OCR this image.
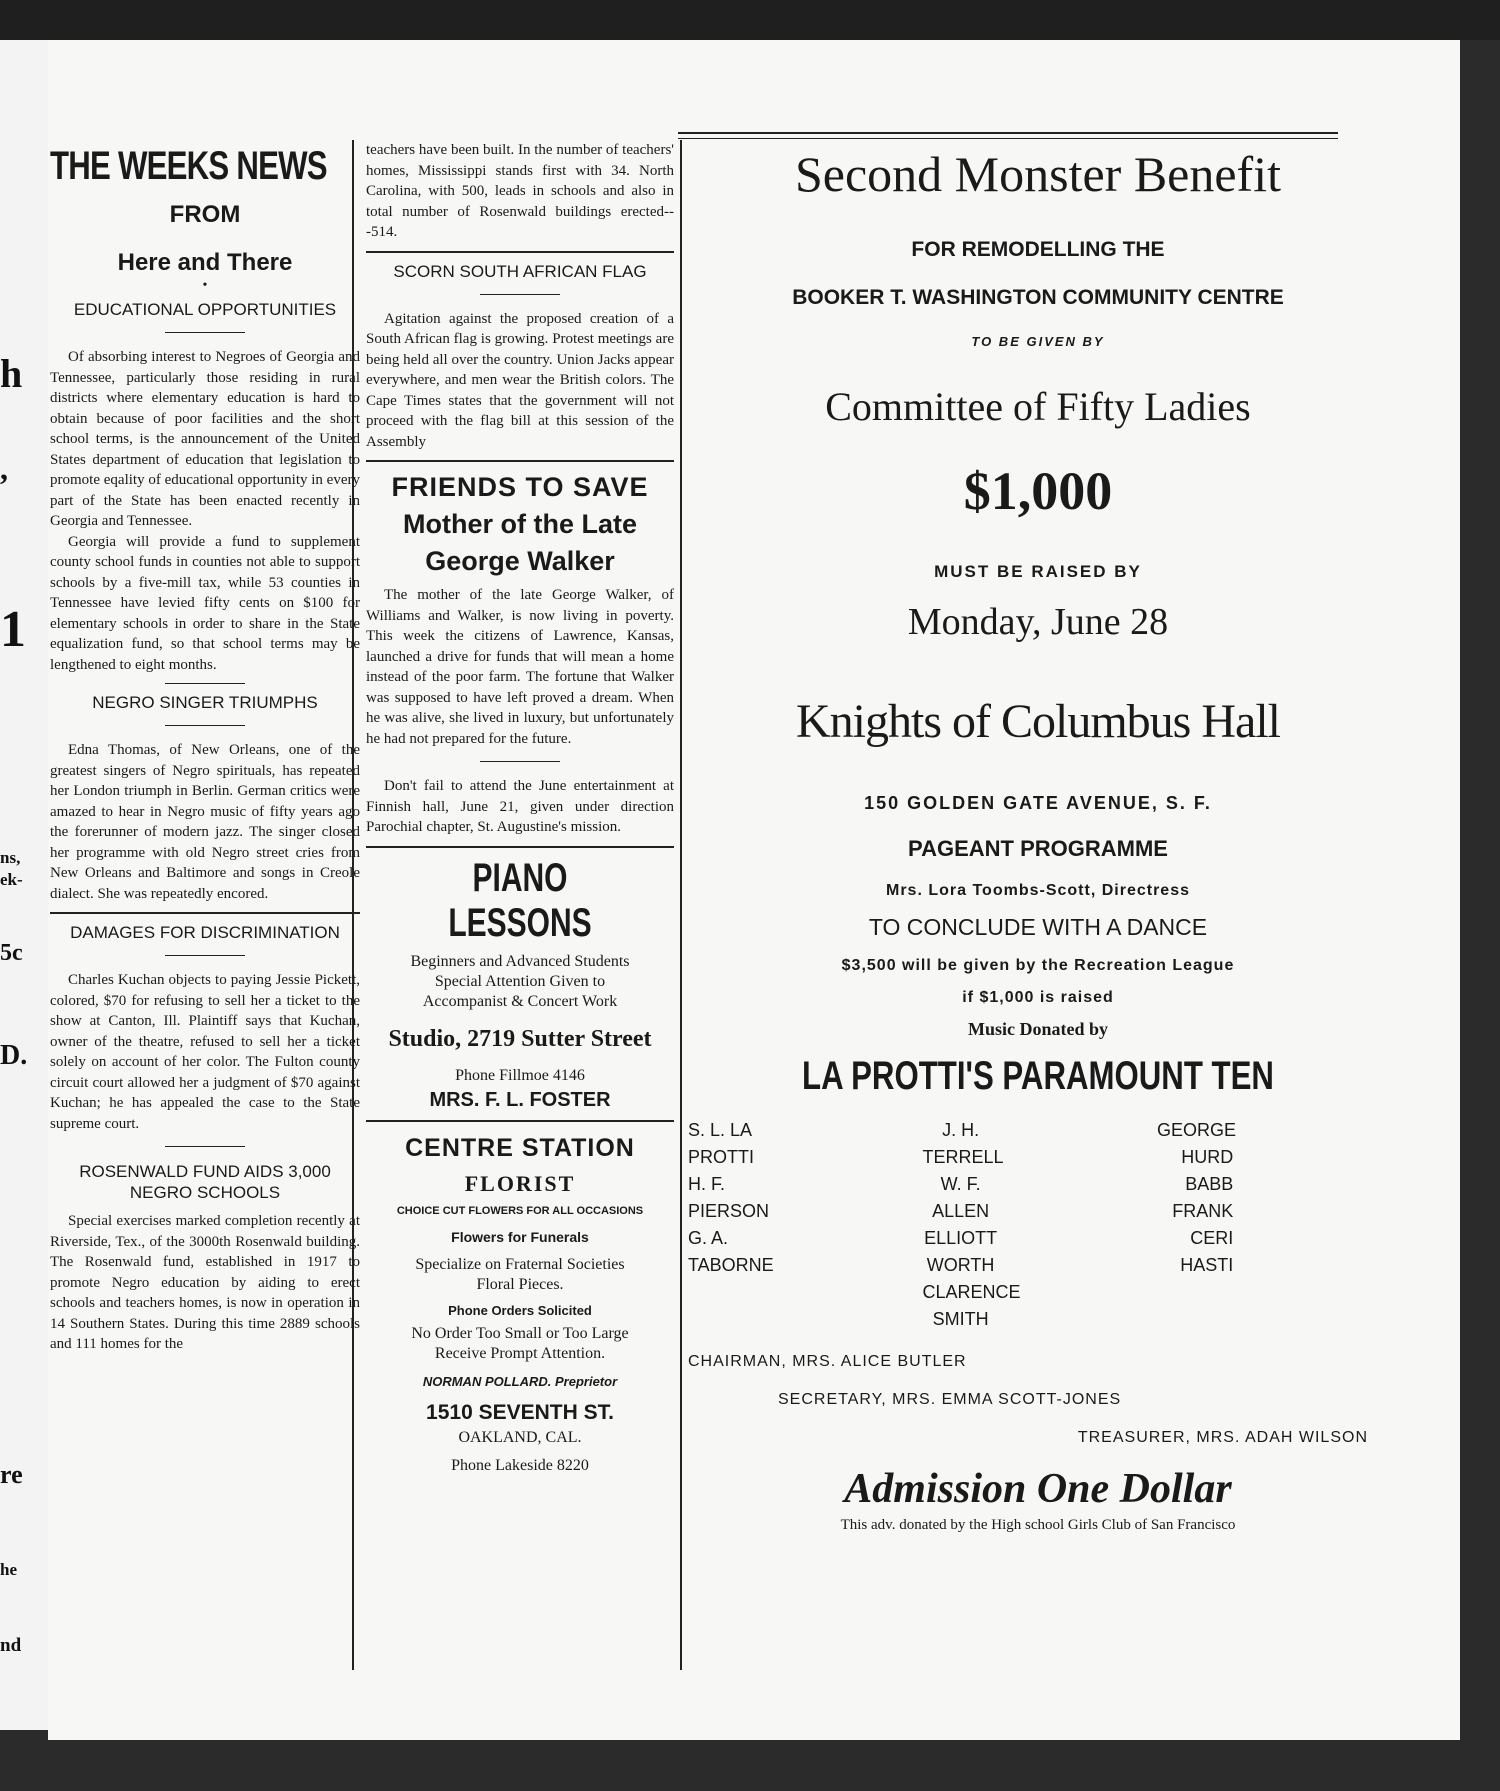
h
,
1
ns,
ek-
5c
D.
re
he
nd
THE WEEKS NEWS
FROM
Here and There
•
EDUCATIONAL OPPORTUNITIES

Of absorbing interest to Negroes of Georgia and Tennessee, particularly those residing in rural districts where elementary education is hard to obtain because of poor facilities and the short school terms, is the announcement of the United States department of education that legislation to promote eqality of educational opportunity in every part of the State has been enacted recently in Georgia and Tennessee.

Georgia will provide a fund to supplement county school funds in counties not able to support schools by a five-mill tax, while 53 counties in Tennessee have levied fifty cents on $100 for elementary schools in order to share in the State equalization fund, so that school terms may be lengthened to eight months.

NEGRO SINGER TRIUMPHS

Edna Thomas, of New Orleans, one of the greatest singers of Negro spirituals, has repeated her London triumph in Berlin. German critics were amazed to hear in Negro music of fifty years ago the forerunner of modern jazz. The singer closed her programme with old Negro street cries from New Orleans and Baltimore and songs in Creole dialect. She was repeatedly encored.

DAMAGES FOR DISCRIMINATION

Charles Kuchan objects to paying Jessie Pickett, colored, $70 for refusing to sell her a ticket to the show at Canton, Ill. Plaintiff says that Kuchan, owner of the theatre, refused to sell her a ticket solely on account of her color. The Fulton county circuit court allowed her a judgment of $70 against Kuchan; he has appealed the case to the State supreme court.

ROSENWALD FUND AIDS 3,000 NEGRO SCHOOLS

Special exercises marked completion recently at Riverside, Tex., of the 3000th Rosenwald building. The Rosenwald fund, established in 1917 to promote Negro education by aiding to erect schools and teachers homes, is now in operation in 14 Southern States. During this time 2889 schools and 111 homes for the

teachers have been built. In the number of teachers' homes, Mississippi stands first with 34. North Carolina, with 500, leads in schools and also in total number of Rosenwald buildings erected---514.

SCORN SOUTH AFRICAN FLAG

Agitation against the proposed creation of a South African flag is growing. Protest meetings are being held all over the country. Union Jacks appear everywhere, and men wear the British colors. The Cape Times states that the government will not proceed with the flag bill at this session of the Assembly

FRIENDS TO SAVE
Mother of the Late
George Walker

The mother of the late George Walker, of Williams and Walker, is now living in poverty. This week the citizens of Lawrence, Kansas, launched a drive for funds that will mean a home instead of the poor farm. The fortune that Walker was supposed to have left proved a dream. When he was alive, she lived in luxury, but unfortunately he had not prepared for the future.

Don't fail to attend the June entertainment at Finnish hall, June 21, given under direction Parochial chapter, St. Augustine's mission.

PIANO LESSONS
Beginners and Advanced Students
Special Attention Given to
Accompanist & Concert Work
Studio, 2719 Sutter Street
Phone Fillmoe 4146
MRS. F. L. FOSTER
CENTRE STATION
FLORIST
CHOICE CUT FLOWERS FOR ALL OCCASIONS
Flowers for Funerals
Specialize on Fraternal Societies
Floral Pieces.
Phone Orders Solicited
No Order Too Small or Too Large
Receive Prompt Attention.
NORMAN POLLARD. Preprietor
1510 SEVENTH ST.
OAKLAND, CAL.
Phone Lakeside 8220
Second Monster Benefit
FOR REMODELLING THE
BOOKER T. WASHINGTON COMMUNITY CENTRE
TO BE GIVEN BY
Committee of Fifty Ladies
$1,000
MUST BE RAISED BY
Monday, June 28
Knights of Columbus Hall
150 GOLDEN GATE AVENUE, S. F.
PAGEANT PROGRAMME
Mrs. Lora Toombs-Scott, Directress
TO CONCLUDE WITH A DANCE
$3,500 will be given by the Recreation League
if $1,000 is raised
Music Donated by
LA PROTTI'S PARAMOUNT TEN
S. L. LA PROTTI
H. F. PIERSON
G. A. TABORNE
J. H. TERRELL
W. F. ALLEN
ELLIOTT WORTH
CLARENCE SMITH
GEORGE HURD
BABB FRANK
CERI HASTI
CHAIRMAN, MRS. ALICE BUTLER
SECRETARY, MRS. EMMA SCOTT-JONES
TREASURER, MRS. ADAH WILSON
Admission One Dollar
This adv. donated by the High school Girls Club of San Francisco
